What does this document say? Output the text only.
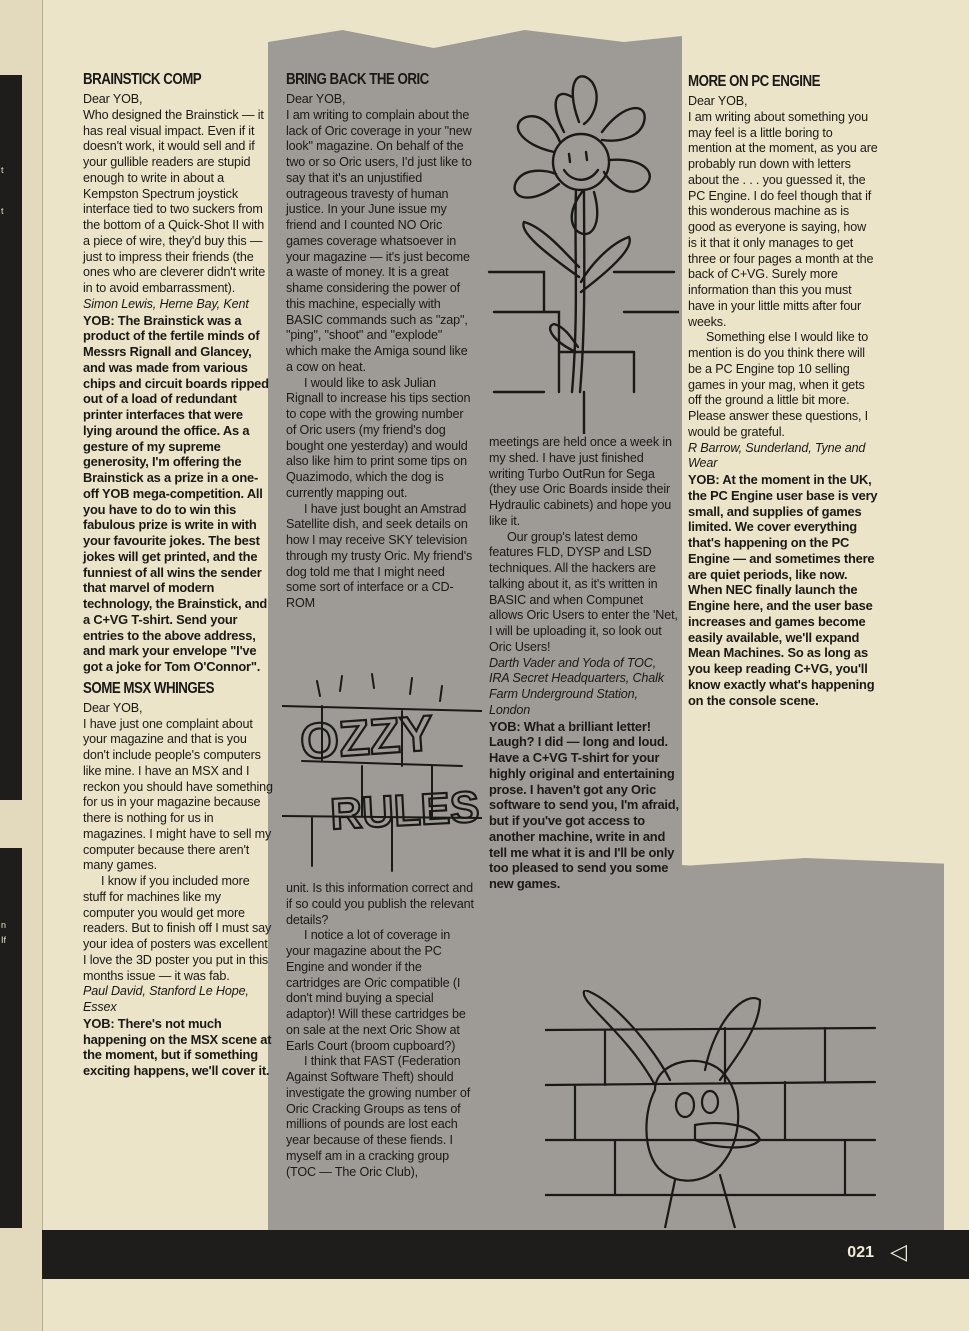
t
t
n
If
OZZY
RULES
BRAINSTICK COMP

Dear YOB,

Who designed the Brainstick — it has real visual impact. Even if it doesn't work, it would sell and if your gullible readers are stupid enough to write in about a Kempston Spectrum joystick interface tied to two suckers from the bottom of a Quick-Shot II with a piece of wire, they'd buy this — just to impress their friends (the ones who are cleverer didn't write in to avoid embarrassment).

Simon Lewis, Herne Bay, Kent

YOB: The Brainstick was a product of the fertile minds of Messrs Rignall and Glancey, and was made from various chips and circuit boards ripped out of a load of redundant printer interfaces that were lying around the office. As a gesture of my supreme generosity, I'm offering the Brainstick as a prize in a one-off YOB mega-competition. All you have to do to win this fabulous prize is write in with your favourite jokes. The best jokes will get printed, and the funniest of all wins the sender that marvel of modern technology, the Brainstick, and a C+VG T-shirt. Send your entries to the above address, and mark your envelope "I've got a joke for Tom O'Connor".

SOME MSX WHINGES

Dear YOB,

I have just one complaint about your magazine and that is you don't include people's computers like mine. I have an MSX and I reckon you should have something for us in your magazine because there is nothing for us in magazines. I might have to sell my computer because there aren't many games.

I know if you included more stuff for machines like my computer you would get more readers. But to finish off I must say your idea of posters was excellent I love the 3D poster you put in this months issue — it was fab.

Paul David, Stanford Le Hope, Essex

YOB: There's not much happening on the MSX scene at the moment, but if something exciting happens, we'll cover it.

BRING BACK THE ORIC

Dear YOB,

I am writing to complain about the lack of Oric coverage in your "new look" magazine. On behalf of the two or so Oric users, I'd just like to say that it's an unjustified outrageous travesty of human justice. In your June issue my friend and I counted NO Oric games coverage whatsoever in your magazine — it's just become a waste of money. It is a great shame considering the power of this machine, especially with BASIC commands such as "zap", "ping", "shoot" and "explode" which make the Amiga sound like a cow on heat.

I would like to ask Julian Rignall to increase his tips section to cope with the growing number of Oric users (my friend's dog bought one yesterday) and would also like him to print some tips on Quazimodo, which the dog is currently mapping out.

I have just bought an Amstrad Satellite dish, and seek details on how I may receive SKY television through my trusty Oric. My friend's dog told me that I might need some sort of interface or a CD-ROM

unit. Is this information correct and if so could you publish the relevant details?

I notice a lot of coverage in your magazine about the PC Engine and wonder if the cartridges are Oric compatible (I don't mind buying a special adaptor)! Will these cartridges be on sale at the next Oric Show at Earls Court (broom cupboard?)

I think that FAST (Federation Against Software Theft) should investigate the growing number of Oric Cracking Groups as tens of millions of pounds are lost each year because of these fiends. I myself am in a cracking group (TOC — The Oric Club),

meetings are held once a week in my shed. I have just finished writing Turbo OutRun for Sega (they use Oric Boards inside their Hydraulic cabinets) and hope you like it.

Our group's latest demo features FLD, DYSP and LSD techniques. All the hackers are talking about it, as it's written in BASIC and when Compunet allows Oric Users to enter the 'Net, I will be uploading it, so look out Oric Users!

Darth Vader and Yoda of TOC, IRA Secret Headquarters, Chalk Farm Underground Station, London

YOB: What a brilliant letter! Laugh? I did — long and loud. Have a C+VG T-shirt for your highly original and entertaining prose. I haven't got any Oric software to send you, I'm afraid, but if you've got access to another machine, write in and tell me what it is and I'll be only too pleased to send you some new games.

MORE ON PC ENGINE

Dear YOB,

I am writing about something you may feel is a little boring to mention at the moment, as you are probably run down with letters about the . . . you guessed it, the PC Engine. I do feel though that if this wonderous machine as is good as everyone is saying, how is it that it only manages to get three or four pages a month at the back of C+VG. Surely more information than this you must have in your little mitts after four weeks.

Something else I would like to mention is do you think there will be a PC Engine top 10 selling games in your mag, when it gets off the ground a little bit more. Please answer these questions, I would be grateful.

R Barrow, Sunderland, Tyne and Wear

YOB: At the moment in the UK, the PC Engine user base is very small, and supplies of games limited. We cover everything that's happening on the PC Engine — and sometimes there are quiet periods, like now. When NEC finally launch the Engine here, and the user base increases and games become easily available, we'll expand Mean Machines. So as long as you keep reading C+VG, you'll know exactly what's happening on the console scene.

021 ◁
